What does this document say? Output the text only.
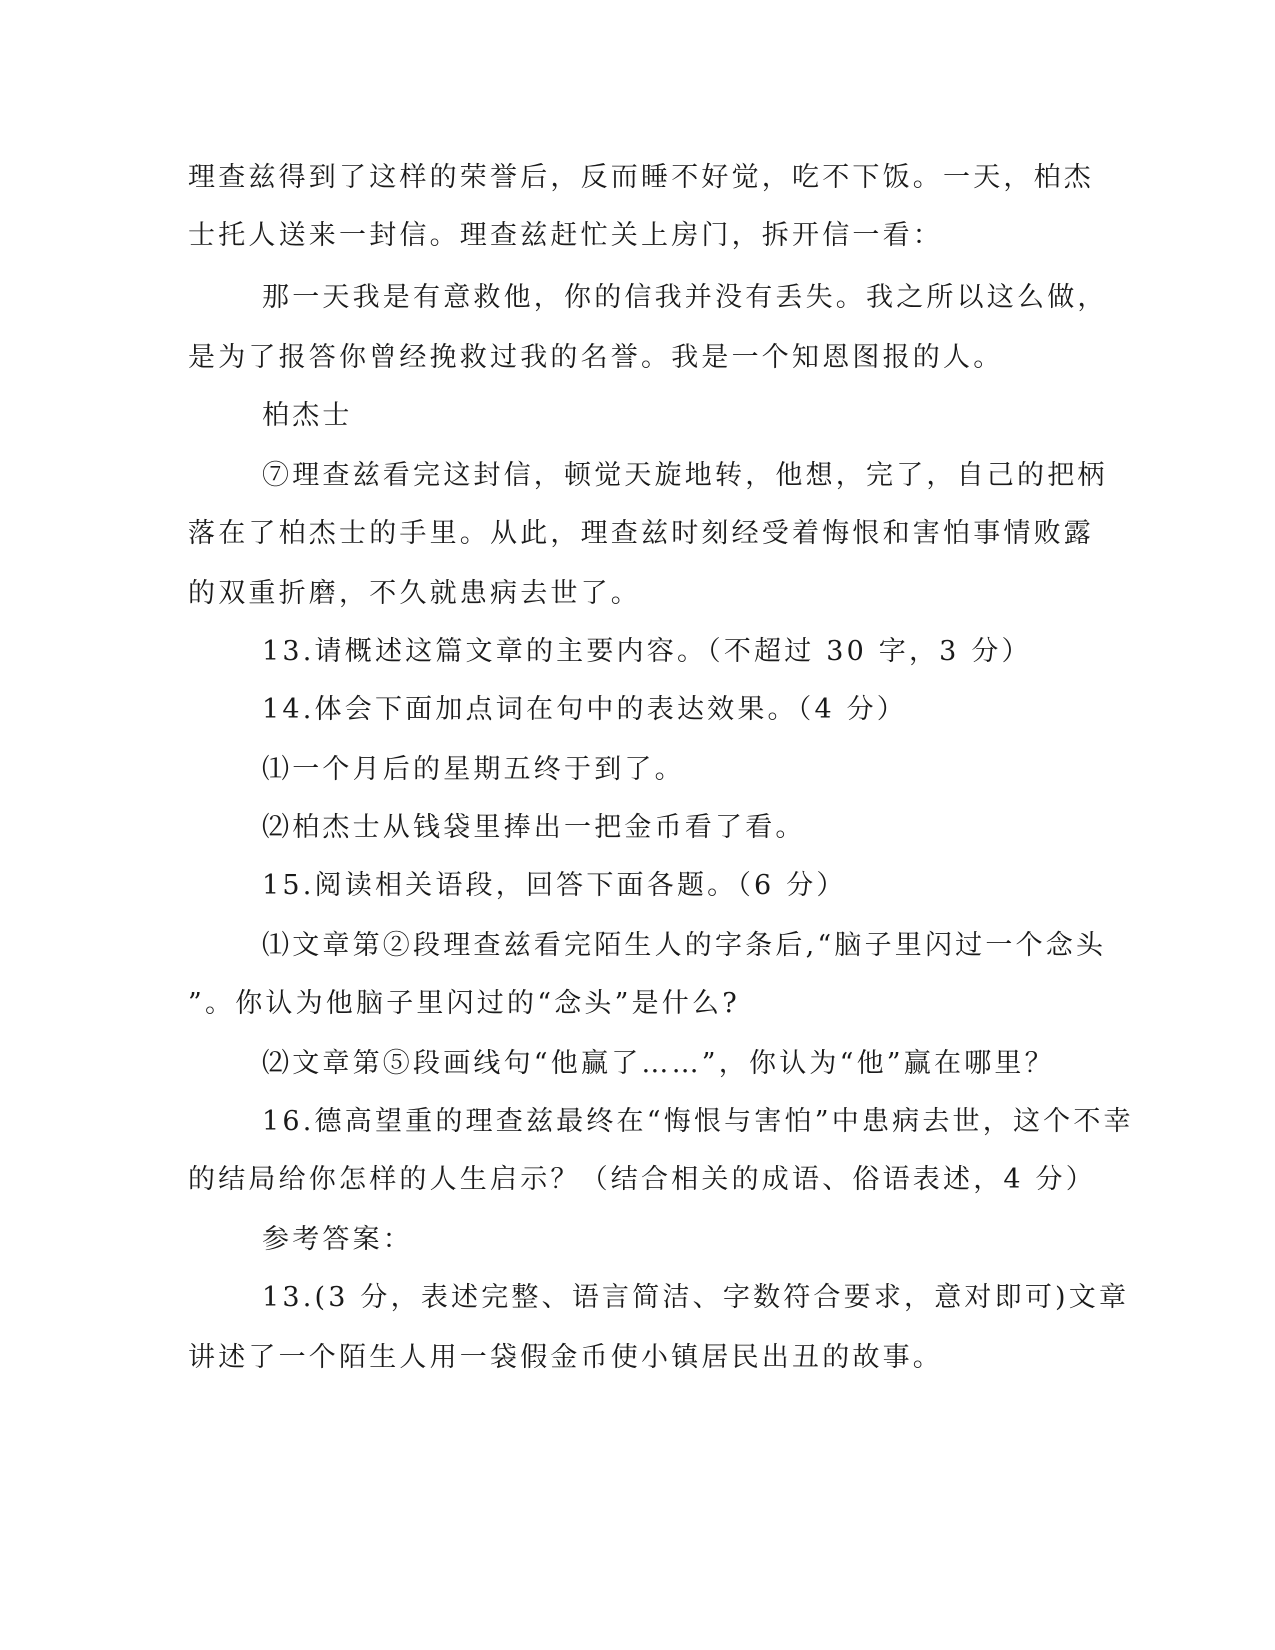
理查兹得到了这样的荣誉后，反而睡不好觉，吃不下饭。一天，柏杰
士托人送来一封信。理查兹赶忙关上房门，拆开信一看：
那一天我是有意救他，你的信我并没有丢失。我之所以这么做，
是为了报答你曾经挽救过我的名誉。我是一个知恩图报的人。
柏杰士
⑦理查兹看完这封信，顿觉天旋地转，他想，完了，自己的把柄
落在了柏杰士的手里。从此，理查兹时刻经受着悔恨和害怕事情败露
的双重折磨，不久就患病去世了。
13.请概述这篇文章的主要内容。（不超过 30 字，3 分）
14.体会下面加点词在句中的表达效果。（4 分）
⑴一个月后的星期五终于到了。
⑵柏杰士从钱袋里捧出一把金币看了看。
15.阅读相关语段，回答下面各题。（6 分）
⑴文章第②段理查兹看完陌生人的字条后,“脑子里闪过一个念头
”。你认为他脑子里闪过的“念头”是什么?
⑵文章第⑤段画线句“他赢了……”，你认为“他”赢在哪里？
16.德高望重的理查兹最终在“悔恨与害怕”中患病去世，这个不幸
的结局给你怎样的人生启示？（结合相关的成语、俗语表述，4 分）
参考答案：
13.(3 分，表述完整、语言简洁、字数符合要求，意对即可)文章
讲述了一个陌生人用一袋假金币使小镇居民出丑的故事。
